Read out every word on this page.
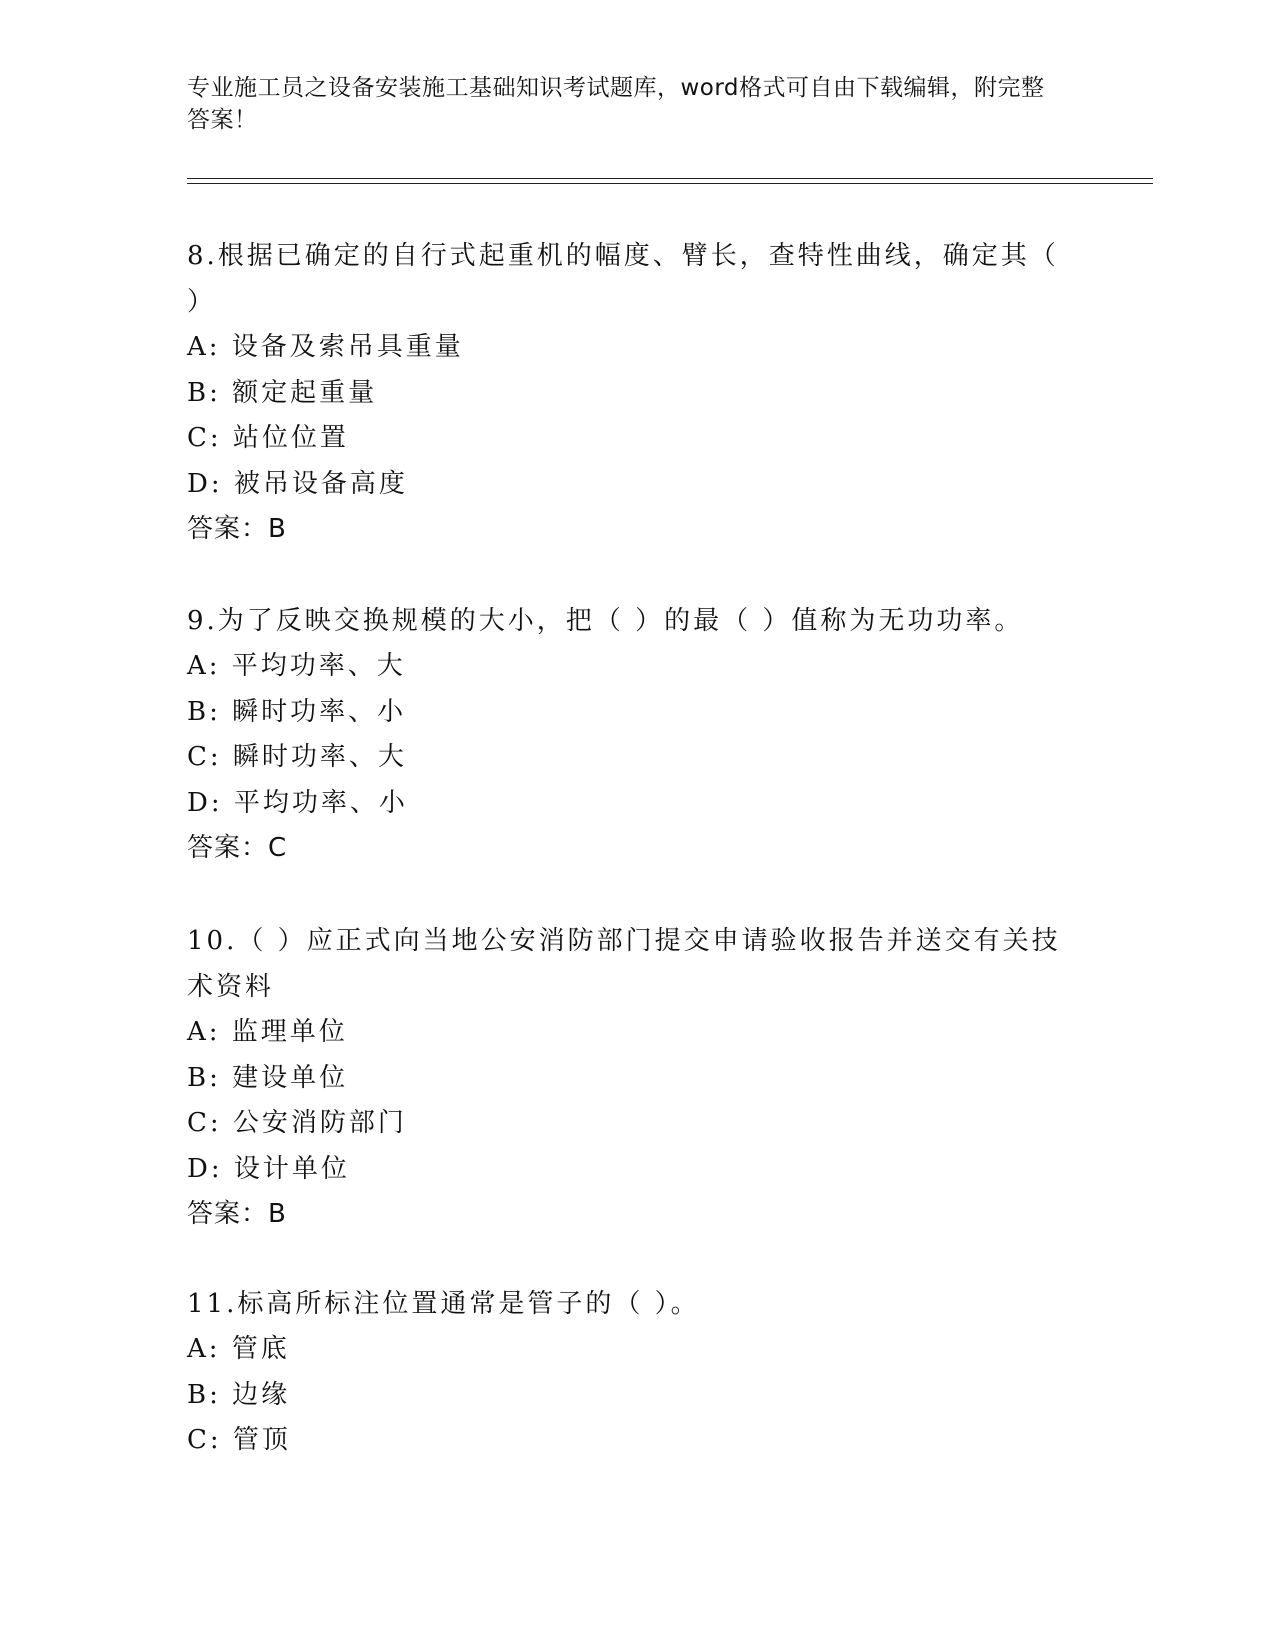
专业施工员之设备安装施工基础知识考试题库，word格式可自由下载编辑，附完整答案！

8.根据已确定的自行式起重机的幅度、臂长，查特性曲线，确定其（ ）

A: 设备及索吊具重量

B: 额定起重量

C: 站位位置

D: 被吊设备高度

答案：B

9.为了反映交换规模的大小，把（ ）的最（ ）值称为无功功率。

A: 平均功率、大

B: 瞬时功率、小

C: 瞬时功率、大

D: 平均功率、小

答案：C

10.（ ）应正式向当地公安消防部门提交申请验收报告并送交有关技术资料

A: 监理单位

B: 建设单位

C: 公安消防部门

D: 设计单位

答案：B

11.标高所标注位置通常是管子的（ ）。

A: 管底

B: 边缘

C: 管顶
